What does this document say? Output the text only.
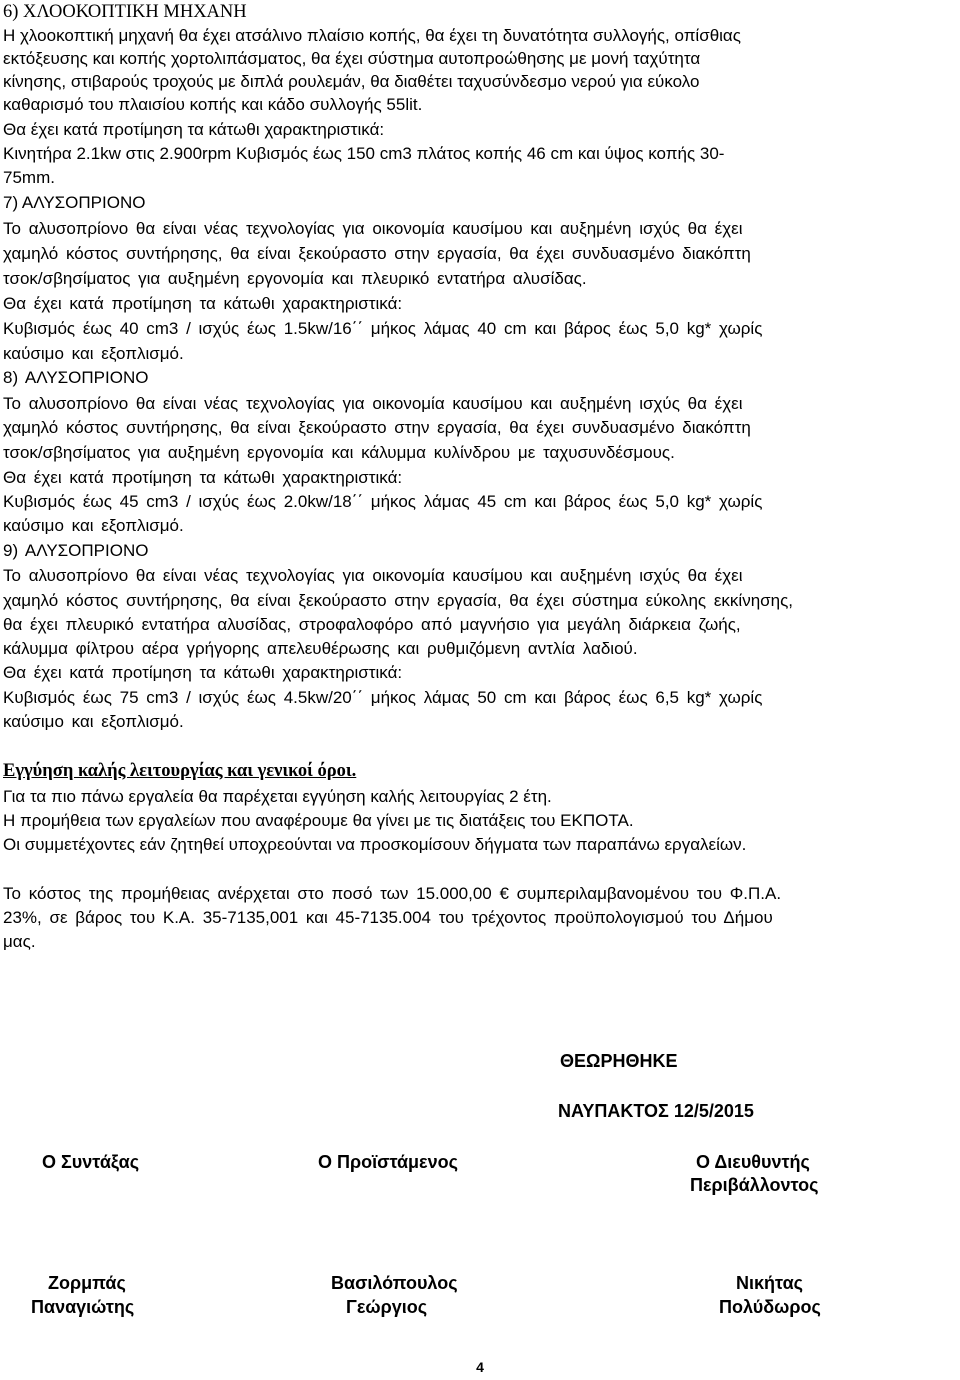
6) ΧΛΟΟΚΟΠΤΙΚΗ ΜΗΧΑΝΗ

Η χλοοκοπτική μηχανή θα έχει ατσάλινο πλαίσιο κοπής, θα έχει τη δυνατότητα συλλογής, οπίσθιας

εκτόξευσης και κοπής χορτολιπάσματος, θα έχει σύστημα αυτοπροώθησης με μονή ταχύτητα

κίνησης, στιβαρούς τροχούς με διπλά ρουλεμάν, θα διαθέτει ταχυσύνδεσμο νερού για εύκολο

καθαρισμό του πλαισίου κοπής και κάδο συλλογής 55lit.

Θα έχει κατά προτίμηση τα κάτωθι χαρακτηριστικά:

Κινητήρα 2.1kw στις 2.900rpm Κυβισμός έως 150 cm3 πλάτος κοπής 46 cm και ύψος κοπής 30-

75mm.

7) ΑΛΥΣΟΠΡΙΟΝΟ

Το αλυσοπρίονο θα είναι νέας τεχνολογίας για οικονομία καυσίμου και αυξημένη ισχύς θα έχει

χαμηλό κόστος συντήρησης, θα είναι ξεκούραστο στην εργασία, θα έχει συνδυασμένο διακόπτη

τσοκ/σβησίματος για αυξημένη εργονομία και πλευρικό εντατήρα αλυσίδας.

Θα έχει κατά προτίμηση τα κάτωθι χαρακτηριστικά:

Κυβισμός έως 40 cm3 / ισχύς έως 1.5kw/16΄΄ μήκος λάμας 40 cm και βάρος έως 5,0 kg* χωρίς

καύσιμο και εξοπλισμό.

8) ΑΛΥΣΟΠΡΙΟΝΟ

Το αλυσοπρίονο θα είναι νέας τεχνολογίας για οικονομία καυσίμου και αυξημένη ισχύς θα έχει

χαμηλό κόστος συντήρησης, θα είναι ξεκούραστο στην εργασία, θα έχει συνδυασμένο διακόπτη

τσοκ/σβησίματος για αυξημένη εργονομία και κάλυμμα κυλίνδρου με ταχυσυνδέσμους.

Θα έχει κατά προτίμηση τα κάτωθι χαρακτηριστικά:

Κυβισμός έως 45 cm3 / ισχύς έως 2.0kw/18΄΄ μήκος λάμας 45 cm και βάρος έως 5,0 kg* χωρίς

καύσιμο και εξοπλισμό.

9) ΑΛΥΣΟΠΡΙΟΝΟ

Το αλυσοπρίονο θα είναι νέας τεχνολογίας για οικονομία καυσίμου και αυξημένη ισχύς θα έχει

χαμηλό κόστος συντήρησης, θα είναι ξεκούραστο στην εργασία, θα έχει σύστημα εύκολης εκκίνησης,

θα έχει πλευρικό εντατήρα αλυσίδας, στροφαλοφόρο από μαγνήσιο για μεγάλη διάρκεια ζωής,

κάλυμμα φίλτρου αέρα γρήγορης απελευθέρωσης και ρυθμιζόμενη αντλία λαδιού.

Θα έχει κατά προτίμηση τα κάτωθι χαρακτηριστικά:

Κυβισμός έως 75 cm3 / ισχύς έως 4.5kw/20΄΄ μήκος λάμας 50 cm και βάρος έως 6,5 kg* χωρίς

καύσιμο και εξοπλισμό.

Εγγύηση καλής λειτουργίας και γενικοί όροι.

Για τα πιο πάνω εργαλεία θα παρέχεται εγγύηση καλής λειτουργίας 2 έτη.

Η προμήθεια των εργαλείων που αναφέρουμε θα γίνει με τις διατάξεις του ΕΚΠΟΤΑ.

Οι συμμετέχοντες εάν ζητηθεί υποχρεούνται να προσκομίσουν δήγματα των παραπάνω εργαλείων.

Το κόστος της προμήθειας ανέρχεται στο ποσό των 15.000,00 € συμπεριλαμβανομένου του Φ.Π.Α.

23%, σε βάρος του Κ.Α. 35-7135,001 και 45-7135.004 του τρέχοντος προϋπολογισμού του Δήμου

μας.

ΘΕΩΡΗΘΗΚΕ

ΝΑΥΠΑΚΤΟΣ 12/5/2015

Ο Συντάξας	Ο Προϊστάμενος	Ο Διευθυντής

Περιβάλλοντος

Ζορμπάς

Παναγιώτης

Βασιλόπουλος

Γεώργιος

Νικήτας

Πολύδωρος

4
